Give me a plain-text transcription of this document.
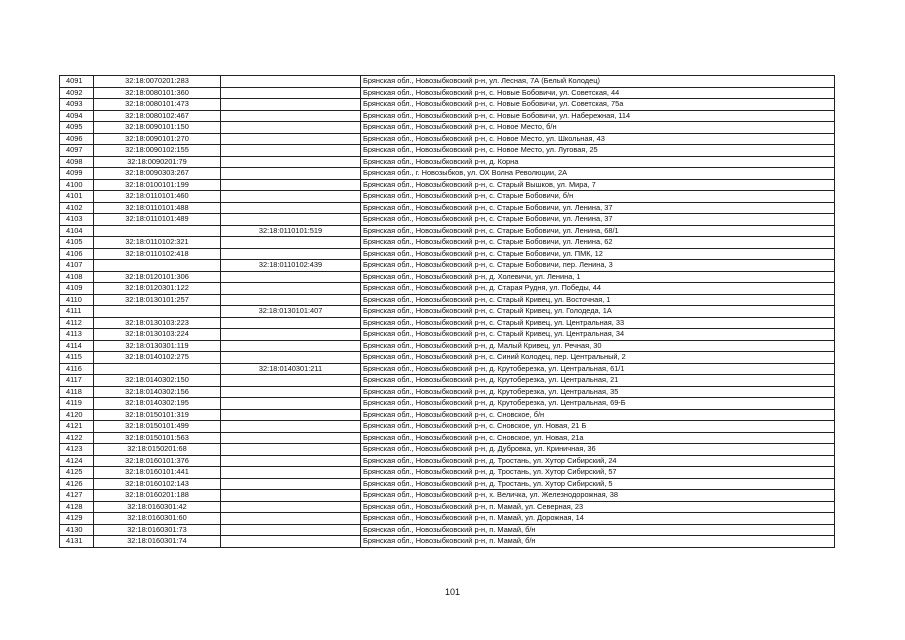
4091	32:18:0070201:283		Брянская обл., Новозыбковский р-н, ул. Лесная, 7А (Белый Колодец)
4092	32:18:0080101:360		Брянская обл., Новозыбковский р-н, с. Новые Бобовичи, ул. Советская, 44
4093	32:18:0080101:473		Брянская обл., Новозыбковский р-н, с. Новые Бобовичи, ул. Советская, 75а
4094	32:18:0080102:467		Брянская обл., Новозыбковский р-н, с. Новые Бобовичи, ул. Набережная, 114
4095	32:18:0090101:150		Брянская обл., Новозыбковский р-н, с. Новое Место, б/н
4096	32:18:0090101:270		Брянская обл., Новозыбковский р-н, с. Новое Место, ул. Школьная, 43
4097	32:18:0090102:155		Брянская обл., Новозыбковский р-н, с. Новое Место, ул. Луговая, 25
4098	32:18:0090201:79		Брянская обл., Новозыбковский р-н, д. Корна
4099	32:18:0090303:267		Брянская обл., г. Новозыбков, ул. ОХ Волна Революции, 2А
4100	32:18:0100101:199		Брянская обл., Новозыбковский р-н, с. Старый Вышков, ул. Мира, 7
4101	32:18:0110101:460		Брянская обл., Новозыбковский р-н, с. Старые Бобовичи, б/н
4102	32:18:0110101:488		Брянская обл., Новозыбковский р-н, с. Старые Бобовичи, ул. Ленина, 37
4103	32:18:0110101:489		Брянская обл., Новозыбковский р-н, с. Старые Бобовичи, ул. Ленина, 37
4104		32:18:0110101:519	Брянская обл., Новозыбковский р-н, с. Старые Бобовичи, ул. Ленина, 68/1
4105	32:18:0110102:321		Брянская обл., Новозыбковский р-н, с. Старые Бобовичи, ул. Ленина, 62
4106	32:18:0110102:418		Брянская обл., Новозыбковский р-н, с. Старые Бобовичи, ул. ПМК, 12
4107		32:18:0110102:439	Брянская обл., Новозыбковский р-н, с. Старые Бобовичи, пер. Ленина, 3
4108	32:18:0120101:306		Брянская обл., Новозыбковский р-н, д. Холевичи, ул. Ленина, 1
4109	32:18:0120301:122		Брянская обл., Новозыбковский р-н, д. Старая Рудня, ул. Победы, 44
4110	32:18:0130101:257		Брянская обл., Новозыбковский р-н, с. Старый Кривец, ул. Восточная, 1
4111		32:18:0130101:407	Брянская обл., Новозыбковский р-н, с. Старый Кривец, ул. Голодеда, 1А
4112	32:18:0130103:223		Брянская обл., Новозыбковский р-н, с. Старый Кривец, ул. Центральная, 33
4113	32:18:0130103:224		Брянская обл., Новозыбковский р-н, с. Старый Кривец, ул. Центральная, 34
4114	32:18:0130301:119		Брянская обл., Новозыбковский р-н, д. Малый Кривец, ул. Речная, 30
4115	32:18:0140102:275		Брянская обл., Новозыбковский р-н, с. Синий Колодец, пер. Центральный, 2
4116		32:18:0140301:211	Брянская обл., Новозыбковский р-н, д. Крутоберезка, ул. Центральная, 61/1
4117	32:18:0140302:150		Брянская обл., Новозыбковский р-н, д. Крутоберезка, ул. Центральная, 21
4118	32:18:0140302:156		Брянская обл., Новозыбковский р-н, д. Крутоберезка, ул. Центральная, 35
4119	32:18:0140302:195		Брянская обл., Новозыбковский р-н, д. Крутоберезка, ул. Центральная, 69-Б
4120	32:18:0150101:319		Брянская обл., Новозыбковский р-н, с. Сновское, б/н
4121	32:18:0150101:499		Брянская обл., Новозыбковский р-н, с. Сновское, ул. Новая, 21 Б
4122	32:18:0150101:563		Брянская обл., Новозыбковский р-н, с. Сновское, ул. Новая, 21а
4123	32:18:0150201:68		Брянская обл., Новозыбковский р-н, д. Дубровка, ул. Криничная, 36
4124	32:18:0160101:376		Брянская обл., Новозыбковский р-н, д. Тростань, ул. Хутор Сибирский, 24
4125	32:18:0160101:441		Брянская обл., Новозыбковский р-н, д. Тростань, ул. Хутор Сибирский, 57
4126	32:18:0160102:143		Брянская обл., Новозыбковский р-н, д. Тростань, ул. Хутор Сибирский, 5
4127	32:18:0160201:188		Брянская обл., Новозыбковский р-н, х. Величка, ул. Железнодорожная, 38
4128	32:18:0160301:42		Брянская обл., Новозыбковский р-н, п. Мамай, ул. Северная, 23
4129	32:18:0160301:60		Брянская обл., Новозыбковский р-н, п. Мамай, ул. Дорожная, 14
4130	32:18:0160301:73		Брянская обл., Новозыбковский р-н, п. Мамай, б/н
4131	32:18:0160301:74		Брянская обл., Новозыбковский р-н, п. Мамай, б/н
101
